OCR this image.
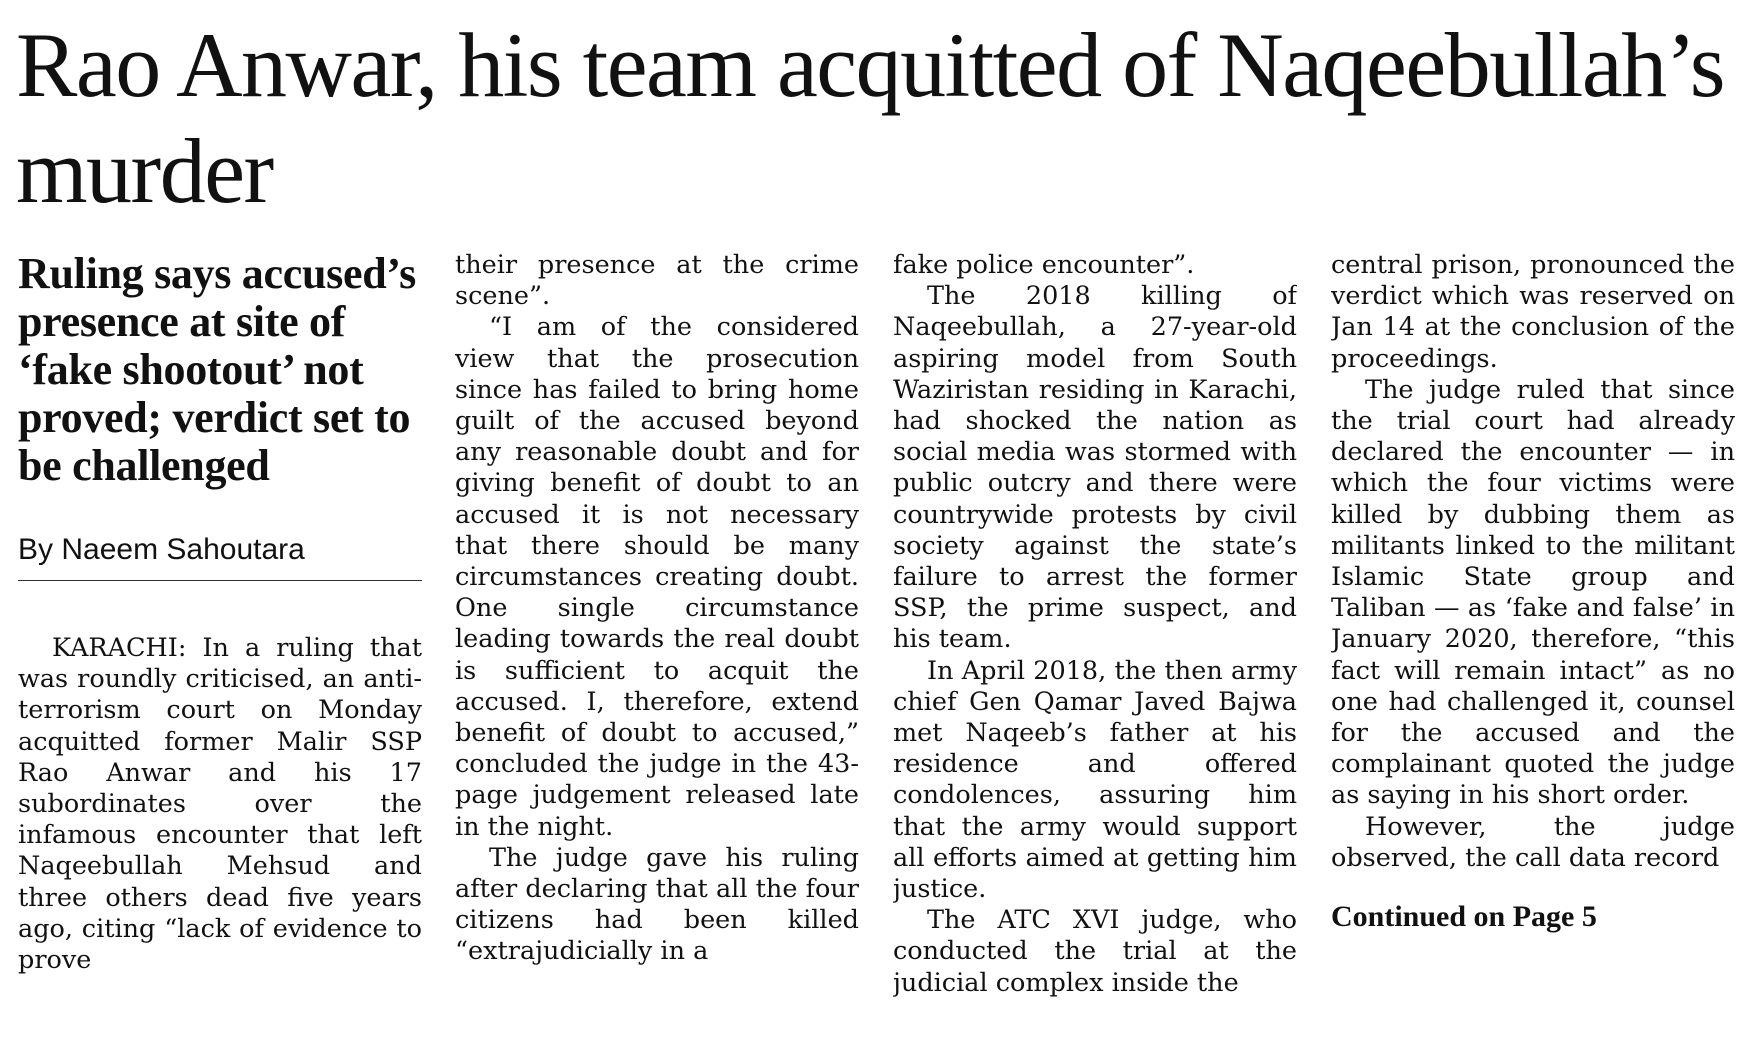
Rao Anwar, his team acquitted of Naqeebullah’s murder
Ruling says accused’s presence at site of ‘fake shootout’ not proved; verdict set to be challenged
By Naeem Sahoutara

KARACHI: In a ruling that was roundly criticised, an anti-terrorism court on Monday acquitted former Malir SSP Rao Anwar and his 17 subordinates over the infamous encounter that left Naqeebullah Mehsud and three others dead five years ago, citing “lack of evidence to prove

their presence at the crime scene”.

“I am of the considered view that the prosecution since has failed to bring home guilt of the accused beyond any reasonable doubt and for giving benefit of doubt to an accused it is not necessary that there should be many circumstances creating doubt. One single circumstance leading towards the real doubt is sufficient to acquit the accused. I, therefore, extend benefit of doubt to accused,” concluded the judge in the 43-page judgement released late in the night.

The judge gave his ruling after declaring that all the four citizens had been killed “extrajudicially in a

fake police encounter”.

The 2018 killing of Naqeebullah, a 27-year-old aspiring model from South Waziristan residing in Karachi, had shocked the nation as social media was stormed with public outcry and there were countrywide protests by civil society against the state’s failure to arrest the former SSP, the prime suspect, and his team.

In April 2018, the then army chief Gen Qamar Javed Bajwa met Naqeeb’s father at his residence and offered condolences, assuring him that the army would support all efforts aimed at getting him justice.

The ATC XVI judge, who conducted the trial at the judicial complex inside the

central prison, pronounced the verdict which was reserved on Jan 14 at the conclusion of the proceedings.

The judge ruled that since the trial court had already declared the encounter — in which the four victims were killed by dubbing them as militants linked to the militant Islamic State group and Taliban — as ‘fake and false’ in January 2020, therefore, “this fact will remain intact” as no one had challenged it, counsel for the accused and the complainant quoted the judge as saying in his short order.

However, the judge observed, the call data record

Continued on Page 5
